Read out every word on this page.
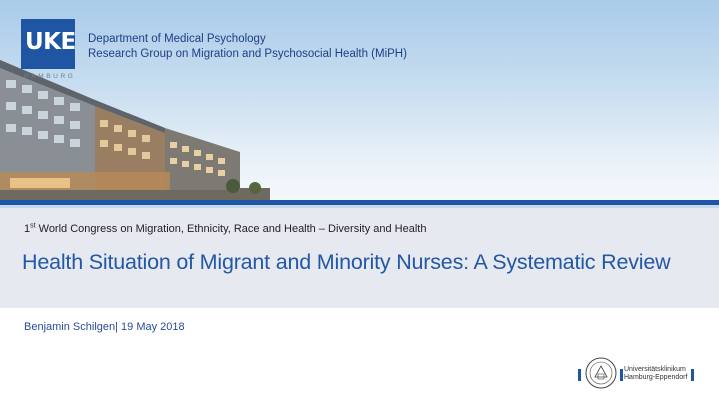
UKE
HAMBURG
Department of Medical Psychology
Research Group on Migration and Psychosocial Health (MiPH)
1st World Congress on Migration, Ethnicity, Race and Health – Diversity and Health
Health Situation of Migrant and Minority Nurses: A Systematic Review
Benjamin Schilgen| 19 May 2018
Universitätsklinikum
Hamburg-Eppendorf
